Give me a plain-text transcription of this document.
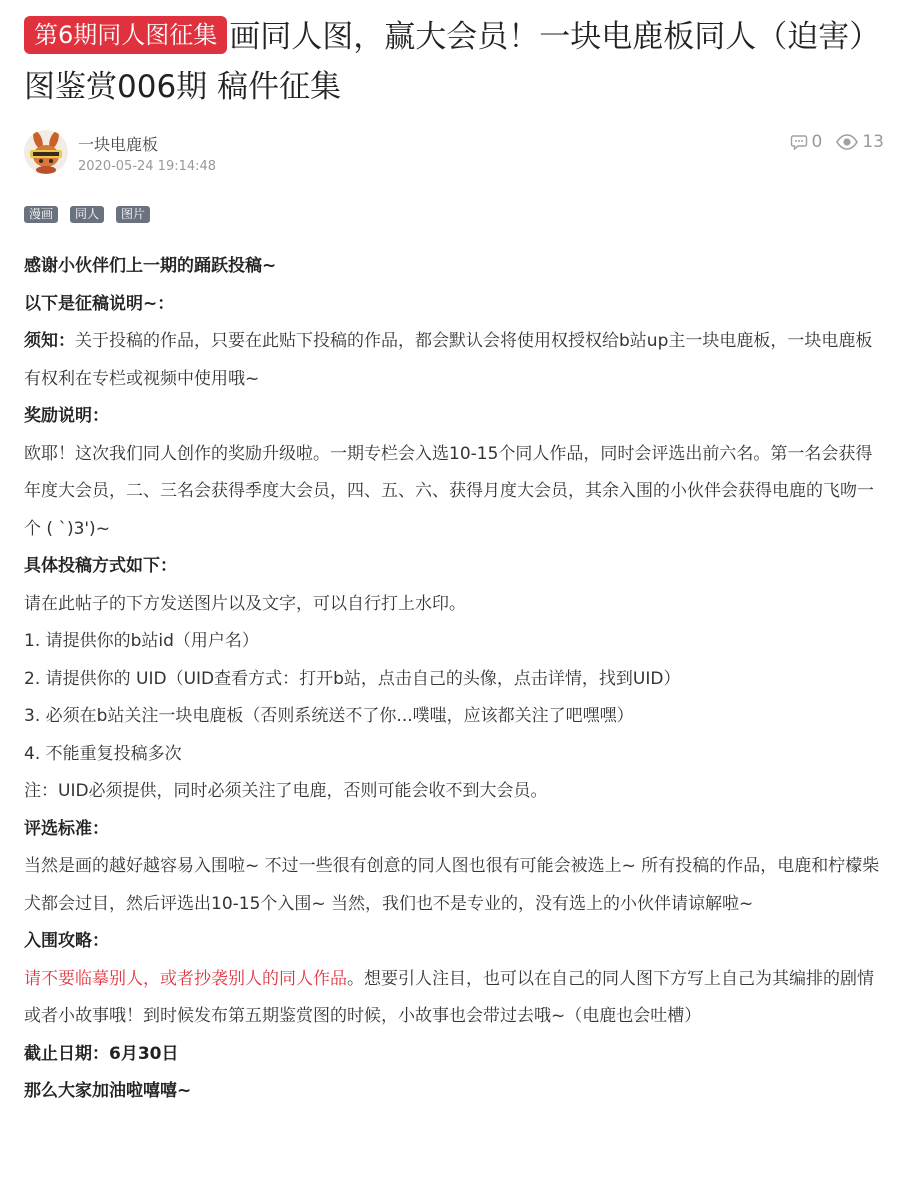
第6期同人图征集 画同人图，赢大会员！一块电鹿板同人（迫害）图鉴赏006期 稿件征集
一块电鹿板
2020-05-24 19:14:48
0 13
漫画	同人	图片

感谢小伙伴们上一期的踊跃投稿~

以下是征稿说明~：

须知：关于投稿的作品，只要在此贴下投稿的作品，都会默认会将使用权授权给b站up主一块电鹿板，一块电鹿板有权利在专栏或视频中使用哦~

奖励说明：

欧耶！这次我们同人创作的奖励升级啦。一期专栏会入选10-15个同人作品，同时会评选出前六名。第一名会获得年度大会员，二、三名会获得季度大会员，四、五、六、获得月度大会员，其余入围的小伙伴会获得电鹿的飞吻一个 ( `)3')~

具体投稿方式如下：

请在此帖子的下方发送图片以及文字，可以自行打上水印。

1. 请提供你的b站id（用户名）

2. 请提供你的 UID（UID查看方式：打开b站，点击自己的头像，点击详情，找到UID）

3. 必须在b站关注一块电鹿板（否则系统送不了你...噗嗤，应该都关注了吧嘿嘿）

4. 不能重复投稿多次

注：UID必须提供，同时必须关注了电鹿，否则可能会收不到大会员。

评选标准：

当然是画的越好越容易入围啦~ 不过一些很有创意的同人图也很有可能会被选上~ 所有投稿的作品，电鹿和柠檬柴犬都会过目，然后评选出10-15个入围~ 当然，我们也不是专业的，没有选上的小伙伴请谅解啦~

入围攻略：

请不要临摹别人，或者抄袭别人的同人作品。想要引人注目，也可以在自己的同人图下方写上自己为其编排的剧情或者小故事哦！到时候发布第五期鉴赏图的时候，小故事也会带过去哦~（电鹿也会吐槽）

截止日期：6月30日

那么大家加油啦嘻嘻~
